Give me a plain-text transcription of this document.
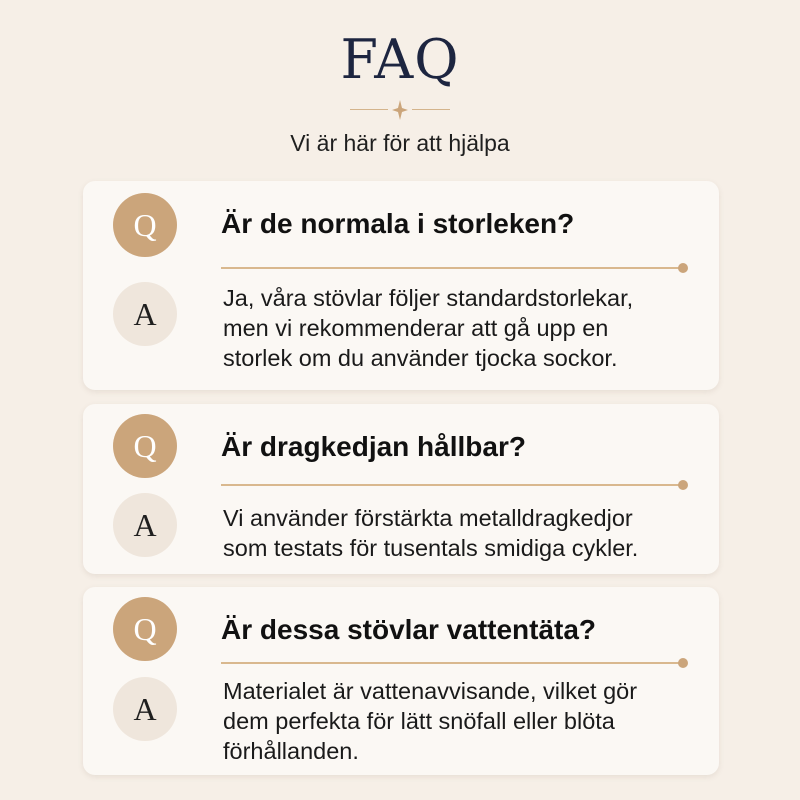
FAQ
Vi är här för att hjälpa
Q	Är de normala i storleken?
A	Ja, våra stövlar följer standardstorlekar,
men vi rekommenderar att gå upp en
storlek om du använder tjocka sockor.
Q	Är dragkedjan hållbar?
A	Vi använder förstärkta metalldragkedjor
som testats för tusentals smidiga cykler.
Q	Är dessa stövlar vattentäta?
A	Materialet är vattenavvisande, vilket gör
dem perfekta för lätt snöfall eller blöta
förhållanden.
